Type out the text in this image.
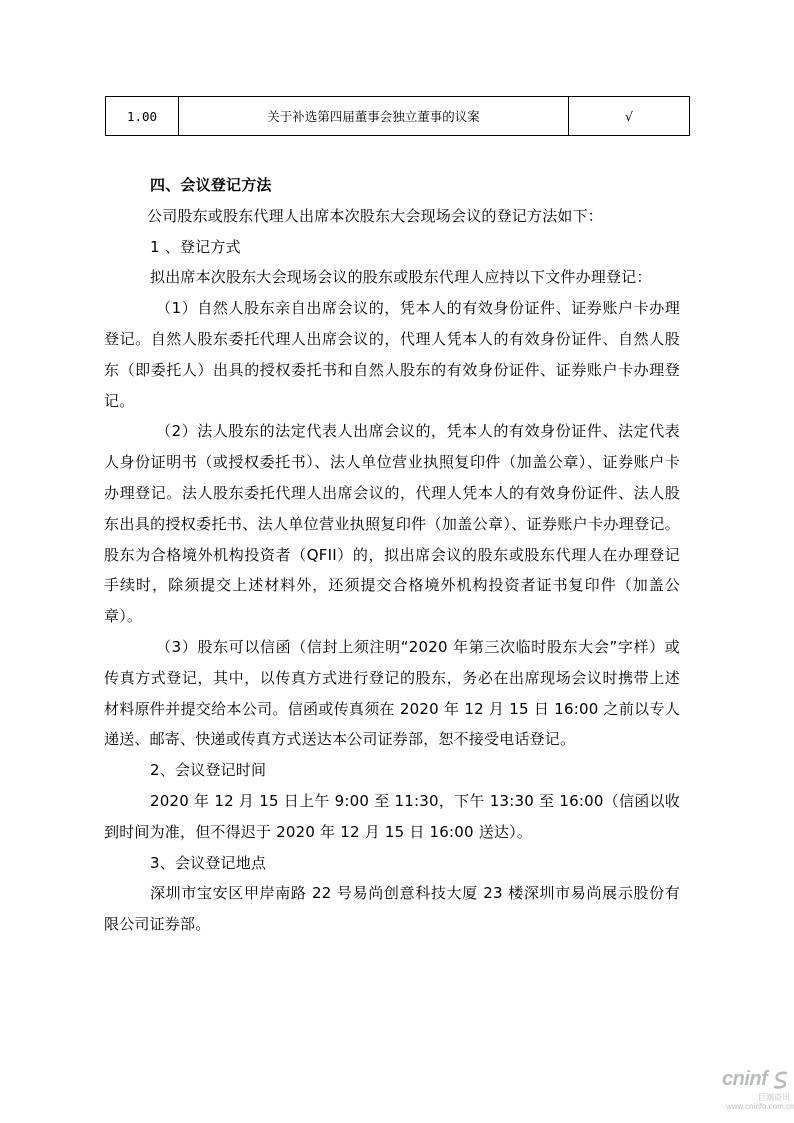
1.00	关于补选第四届董事会独立董事的议案	√
四、会议登记方法

公司股东或股东代理人出席本次股东大会现场会议的登记方法如下：

1 、登记方式

拟出席本次股东大会现场会议的股东或股东代理人应持以下文件办理登记：

（1）自然人股东亲自出席会议的，凭本人的有效身份证件、证券账户卡办理登记。自然人股东委托代理人出席会议的，代理人凭本人的有效身份证件、自然人股东（即委托人）出具的授权委托书和自然人股东的有效身份证件、证券账户卡办理登记。

（2）法人股东的法定代表人出席会议的，凭本人的有效身份证件、法定代表人身份证明书（或授权委托书）、法人单位营业执照复印件（加盖公章）、证券账户卡办理登记。法人股东委托代理人出席会议的，代理人凭本人的有效身份证件、法人股东出具的授权委托书、法人单位营业执照复印件（加盖公章）、证券账户卡办理登记。股东为合格境外机构投资者（QFII）的，拟出席会议的股东或股东代理人在办理登记手续时，除须提交上述材料外，还须提交合格境外机构投资者证书复印件（加盖公章）。

（3）股东可以信函（信封上须注明“2020 年第三次临时股东大会”字样）或传真方式登记，其中，以传真方式进行登记的股东，务必在出席现场会议时携带上述材料原件并提交给本公司。信函或传真须在 2020 年 12 月 15 日 16:00 之前以专人递送、邮寄、快递或传真方式送达本公司证券部，恕不接受电话登记。

2、会议登记时间

2020 年 12 月 15 日上午 9:00 至 11:30，下午 13:30 至 16:00（信函以收到时间为准，但不得迟于 2020 年 12 月 15 日 16:00 送达）。

3、会议登记地点

深圳市宝安区甲岸南路 22 号易尚创意科技大厦 23 楼深圳市易尚展示股份有限公司证券部。

cninf
巨潮资讯
www.cninfo.com.cn
